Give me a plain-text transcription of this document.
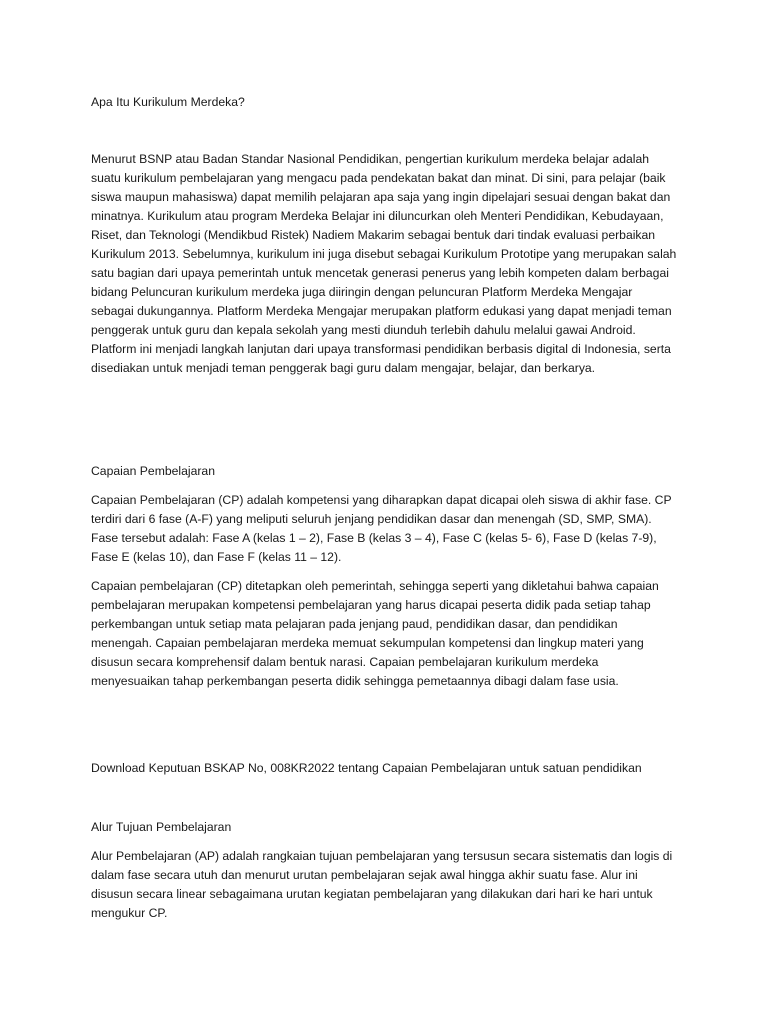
Apa Itu Kurikulum Merdeka?

Menurut BSNP atau Badan Standar Nasional Pendidikan, pengertian kurikulum merdeka belajar adalah suatu kurikulum pembelajaran yang mengacu pada pendekatan bakat dan minat. Di sini, para pelajar (baik siswa maupun mahasiswa) dapat memilih pelajaran apa saja yang ingin dipelajari sesuai dengan bakat dan minatnya. Kurikulum atau program Merdeka Belajar ini diluncurkan oleh Menteri Pendidikan, Kebudayaan, Riset, dan Teknologi (Mendikbud Ristek) Nadiem Makarim sebagai bentuk dari tindak evaluasi perbaikan Kurikulum 2013. Sebelumnya, kurikulum ini juga disebut sebagai Kurikulum Prototipe yang merupakan salah satu bagian dari upaya pemerintah untuk mencetak generasi penerus yang lebih kompeten dalam berbagai bidang Peluncuran kurikulum merdeka juga diiringin dengan peluncuran Platform Merdeka Mengajar sebagai dukungannya. Platform Merdeka Mengajar merupakan platform edukasi yang dapat menjadi teman penggerak untuk guru dan kepala sekolah yang mesti diunduh terlebih dahulu melalui gawai Android. Platform ini menjadi langkah lanjutan dari upaya transformasi pendidikan berbasis digital di Indonesia, serta disediakan untuk menjadi teman penggerak bagi guru dalam mengajar, belajar, dan berkarya.

Capaian Pembelajaran

Capaian Pembelajaran (CP) adalah kompetensi yang diharapkan dapat dicapai oleh siswa di akhir fase. CP terdiri dari 6 fase (A-F) yang meliputi seluruh jenjang pendidikan dasar dan menengah (SD, SMP, SMA). Fase tersebut adalah: Fase A (kelas 1 – 2), Fase B (kelas 3 – 4), Fase C (kelas 5- 6), Fase D (kelas 7-9), Fase E (kelas 10), dan Fase F (kelas 11 – 12).

Capaian pembelajaran (CP) ditetapkan oleh pemerintah, sehingga seperti yang dikletahui bahwa capaian pembelajaran merupakan kompetensi pembelajaran yang harus dicapai peserta didik pada setiap tahap perkembangan untuk setiap mata pelajaran pada jenjang paud, pendidikan dasar, dan pendidikan menengah. Capaian pembelajaran merdeka memuat sekumpulan kompetensi dan lingkup materi yang disusun secara komprehensif dalam bentuk narasi. Capaian pembelajaran kurikulum merdeka menyesuaikan tahap perkembangan peserta didik sehingga pemetaannya dibagi dalam fase usia.

Download Keputuan BSKAP No, 008KR2022 tentang Capaian Pembelajaran untuk satuan pendidikan

Alur Tujuan Pembelajaran

Alur Pembelajaran (AP) adalah rangkaian tujuan pembelajaran yang tersusun secara sistematis dan logis di dalam fase secara utuh dan menurut urutan pembelajaran sejak awal hingga akhir suatu fase. Alur ini disusun secara linear sebagaimana urutan kegiatan pembelajaran yang dilakukan dari hari ke hari untuk mengukur CP.
